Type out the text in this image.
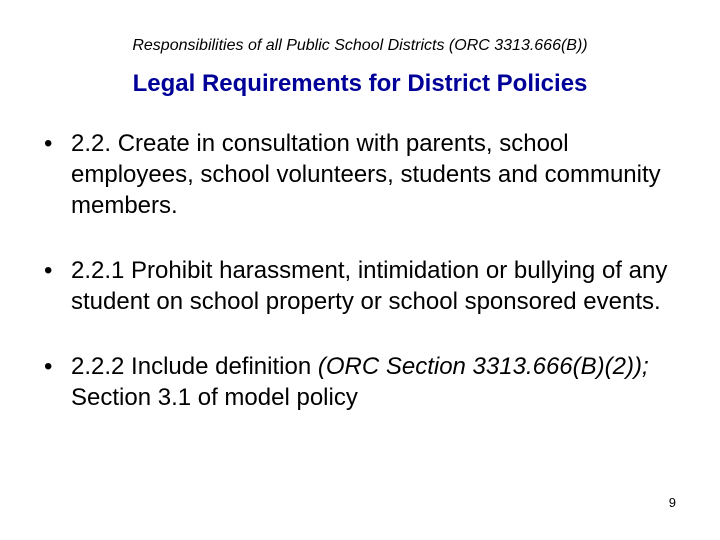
Responsibilities of all Public School Districts (ORC 3313.666(B))
Legal Requirements for District Policies
• 2.2. Create in consultation with parents, school employees, school volunteers, students and community members.
• 2.2.1 Prohibit harassment, intimidation or bullying of any student on school property or school sponsored events.
• 2.2.2 Include definition (ORC Section 3313.666(B)(2)); Section 3.1 of model policy
9
